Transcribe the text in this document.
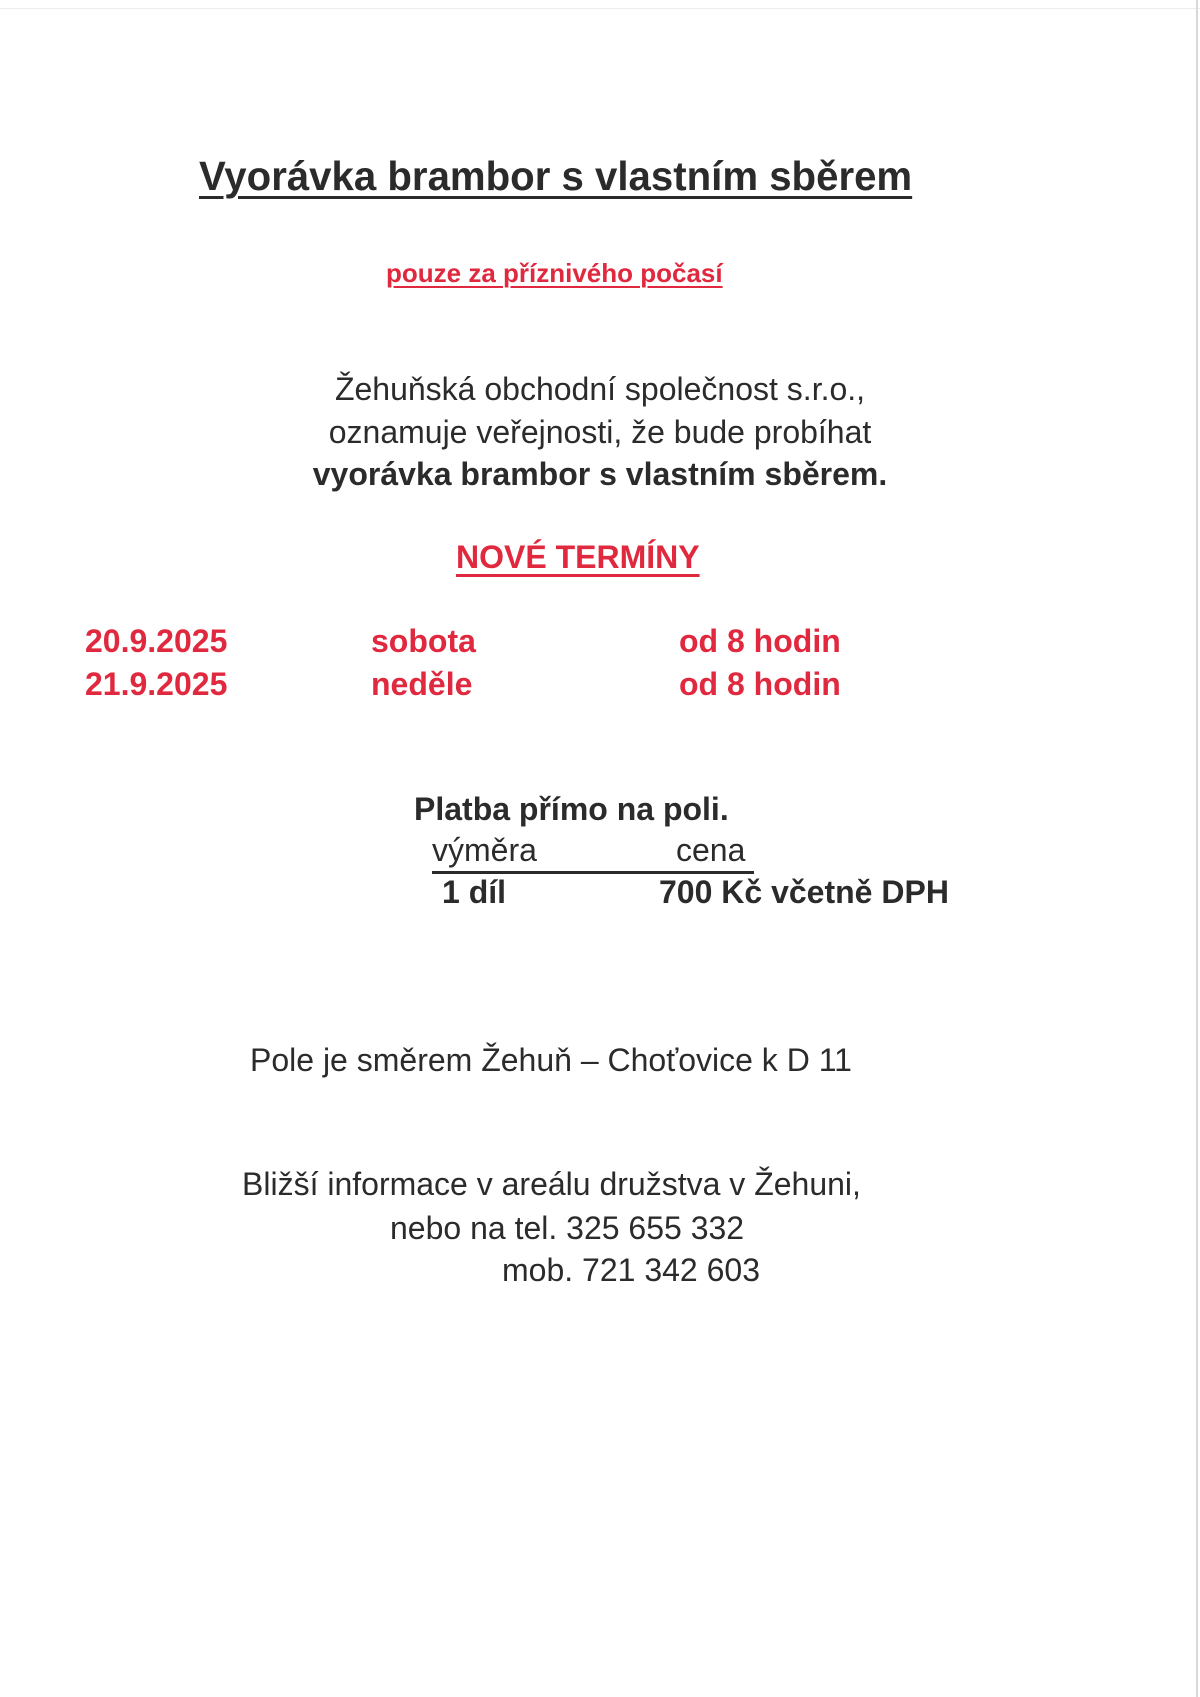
Vyorávka brambor s vlastním sběrem
pouze za příznivého počasí
Žehuňská obchodní společnost s.r.o.,
oznamuje veřejnosti, že bude probíhat
vyorávka brambor s vlastním sběrem.
NOVÉ TERMÍNY
20.9.2025	sobota	od 8 hodin
21.9.2025	neděle	od 8 hodin
Platba přímo na poli.
výměra	cena
1 díl	700 Kč včetně DPH
Pole je směrem Žehuň – Choťovice k D 11
Bližší informace v areálu družstva v Žehuni,
nebo na tel. 325 655 332
mob. 721 342 603
